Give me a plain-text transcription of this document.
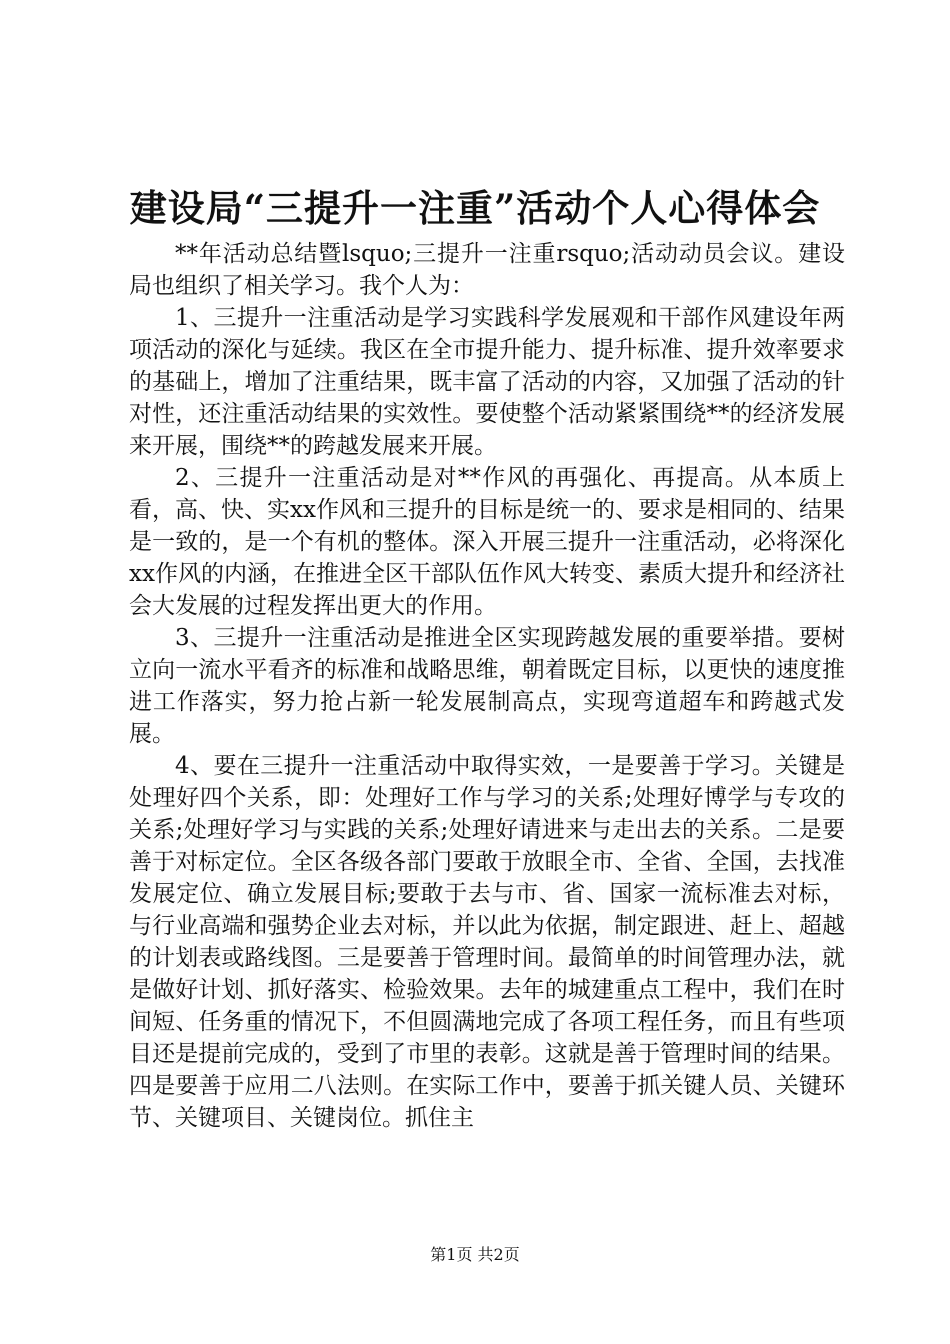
建设局“三提升一注重”活动个人心得体会

**年活动总结暨lsquo;三提升一注重rsquo;活动动员会议。建设局也组织了相关学习。我个人为：

1、三提升一注重活动是学习实践科学发展观和干部作风建设年两项活动的深化与延续。我区在全市提升能力、提升标准、提升效率要求的基础上，增加了注重结果，既丰富了活动的内容，又加强了活动的针对性，还注重活动结果的实效性。要使整个活动紧紧围绕**的经济发展来开展，围绕**的跨越发展来开展。

2、三提升一注重活动是对**作风的再强化、再提高。从本质上看，高、快、实xx作风和三提升的目标是统一的、要求是相同的、结果是一致的，是一个有机的整体。深入开展三提升一注重活动，必将深化xx作风的内涵，在推进全区干部队伍作风大转变、素质大提升和经济社会大发展的过程发挥出更大的作用。

3、三提升一注重活动是推进全区实现跨越发展的重要举措。要树立向一流水平看齐的标准和战略思维，朝着既定目标，以更快的速度推进工作落实，努力抢占新一轮发展制高点，实现弯道超车和跨越式发展。

4、要在三提升一注重活动中取得实效，一是要善于学习。关键是处理好四个关系，即：处理好工作与学习的关系;处理好博学与专攻的关系;处理好学习与实践的关系;处理好请进来与走出去的关系。二是要善于对标定位。全区各级各部门要敢于放眼全市、全省、全国，去找准发展定位、确立发展目标;要敢于去与市、省、国家一流标准去对标，与行业高端和强势企业去对标，并以此为依据，制定跟进、赶上、超越的计划表或路线图。三是要善于管理时间。最简单的时间管理办法，就是做好计划、抓好落实、检验效果。去年的城建重点工程中，我们在时间短、任务重的情况下，不但圆满地完成了各项工程任务，而且有些项目还是提前完成的，受到了市里的表彰。这就是善于管理时间的结果。四是要善于应用二八法则。在实际工作中，要善于抓关键人员、关键环节、关键项目、关键岗位。抓住主

第1页 共2页
